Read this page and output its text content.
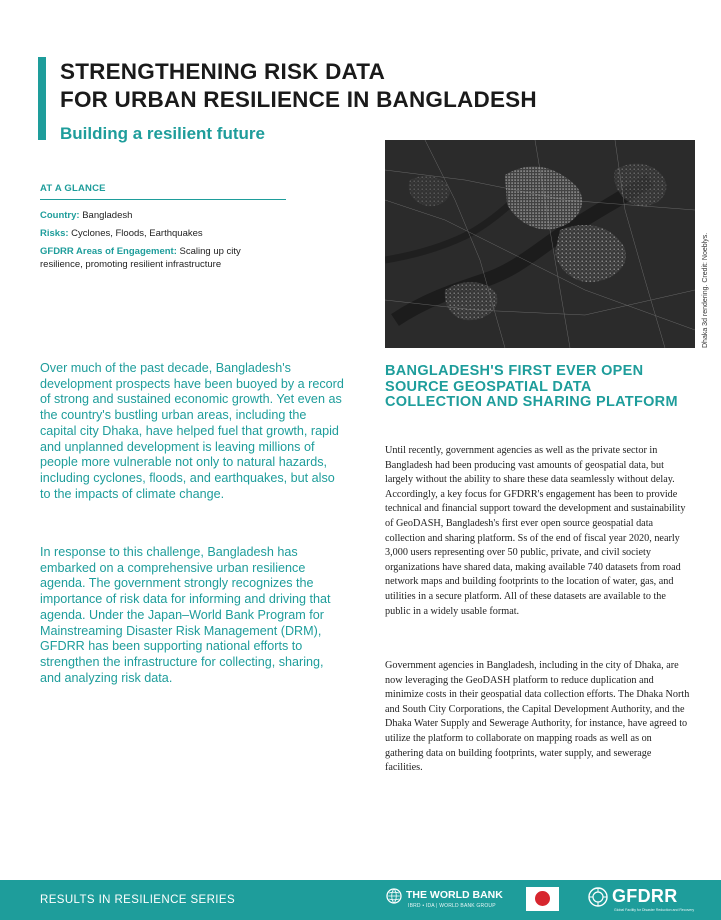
STRENGTHENING RISK DATA
FOR URBAN RESILIENCE IN BANGLADESH
Building a resilient future
AT A GLANCE
Country: Bangladesh
Risks: Cyclones, Floods, Earthquakes
GFDRR Areas of Engagement: Scaling up city resilience, promoting resilient infrastructure	Dhaka 3d rendering. Credit: Noeblys.

Over much of the past decade, Bangladesh's development prospects have been buoyed by a record of strong and sustained economic growth. Yet even as the country's bustling urban areas, including the capital city Dhaka, have helped fuel that growth, rapid and unplanned development is leaving millions of people more vulnerable not only to natural hazards, including cyclones, floods, and earthquakes, but also to the impacts of climate change.

In response to this challenge, Bangladesh has embarked on a comprehensive urban resilience agenda. The government strongly recognizes the importance of risk data for informing and driving that agenda. Under the Japan–World Bank Program for Mainstreaming Disaster Risk Management (DRM), GFDRR has been supporting national efforts to strengthen the infrastructure for collecting, sharing, and analyzing risk data.

BANGLADESH'S FIRST EVER OPEN SOURCE GEOSPATIAL DATA COLLECTION AND SHARING PLATFORM

Until recently, government agencies as well as the private sector in Bangladesh had been producing vast amounts of geospatial data, but largely without the ability to share these data seamlessly without delay. Accordingly, a key focus for GFDRR's engagement has been to provide technical and financial support toward the development and sustainability of GeoDASH, Bangladesh's first ever open source geospatial data collection and sharing platform. Ss of the end of fiscal year 2020, nearly 3,000 users representing over 50 public, private, and civil society organizations have shared data, making available 740 datasets from road network maps and building footprints to the location of water, gas, and utilities in a secure platform. All of these datasets are available to the public in a widely usable format.

Government agencies in Bangladesh, including in the city of Dhaka, are now leveraging the GeoDASH platform to reduce duplication and minimize costs in their geospatial data collection efforts. The Dhaka North and South City Corporations, the Capital Development Authority, and the Dhaka Water Supply and Sewerage Authority, for instance, have agreed to utilize the platform to collaborate on mapping roads as well as on gathering data on building footprints, water supply, and sewerage facilities.

RESULTS IN RESILIENCE SERIES	THE WORLD BANK
IBRD • IDA | WORLD BANK GROUP	GFDRR
Global Facility for Disaster Reduction and Recovery
